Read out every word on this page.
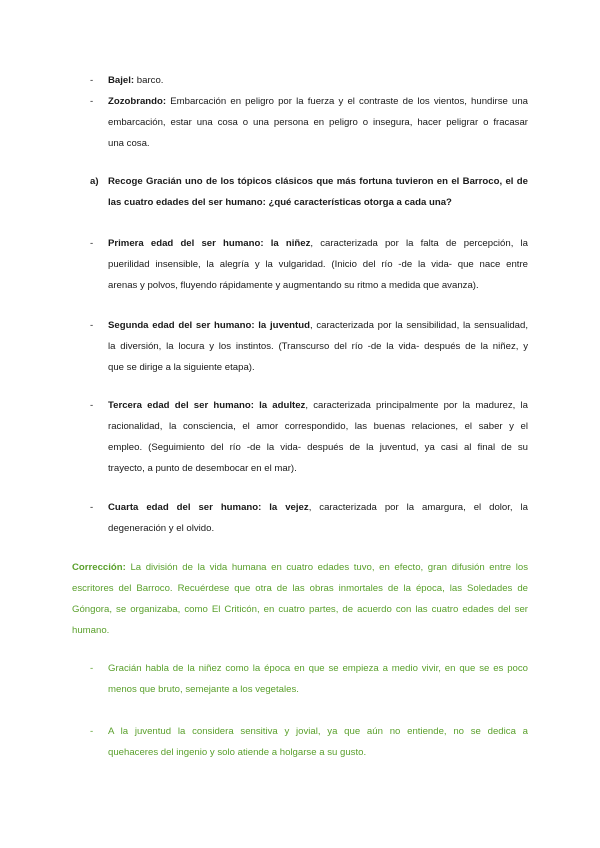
- Bajel: barco.
- Zozobrando: Embarcación en peligro por la fuerza y el contraste de los vientos, hundirse una
embarcación, estar una cosa o una persona en peligro o insegura, hacer peligrar o fracasar
una cosa.
a) Recoge Gracián uno de los tópicos clásicos que más fortuna tuvieron en el Barroco, el de
las cuatro edades del ser humano: ¿qué características otorga a cada una?
- Primera edad del ser humano: la niñez, caracterizada por la falta de percepción, la
puerilidad insensible, la alegría y la vulgaridad. (Inicio del río -de la vida- que nace entre
arenas y polvos, fluyendo rápidamente y augmentando su ritmo a medida que avanza).
- Segunda edad del ser humano: la juventud, caracterizada por la sensibilidad, la sensualidad,
la diversión, la locura y los instintos. (Transcurso del río -de la vida- después de la niñez, y
que se dirige a la siguiente etapa).
- Tercera edad del ser humano: la adultez, caracterizada principalmente por la madurez, la
racionalidad, la consciencia, el amor correspondido, las buenas relaciones, el saber y el
empleo. (Seguimiento del río -de la vida- después de la juventud, ya casi al final de su
trayecto, a punto de desembocar en el mar).
- Cuarta edad del ser humano: la vejez, caracterizada por la amargura, el dolor, la
degeneración y el olvido.
Corrección: La división de la vida humana en cuatro edades tuvo, en efecto, gran difusión entre los
escritores del Barroco. Recuérdese que otra de las obras inmortales de la época, las Soledades de
Góngora, se organizaba, como El Criticón, en cuatro partes, de acuerdo con las cuatro edades del ser
humano.
- Gracián habla de la niñez como la época en que se empieza a medio vivir, en que se es poco
menos que bruto, semejante a los vegetales.
- A la juventud la considera sensitiva y jovial, ya que aún no entiende, no se dedica a
quehaceres del ingenio y solo atiende a holgarse a su gusto.
